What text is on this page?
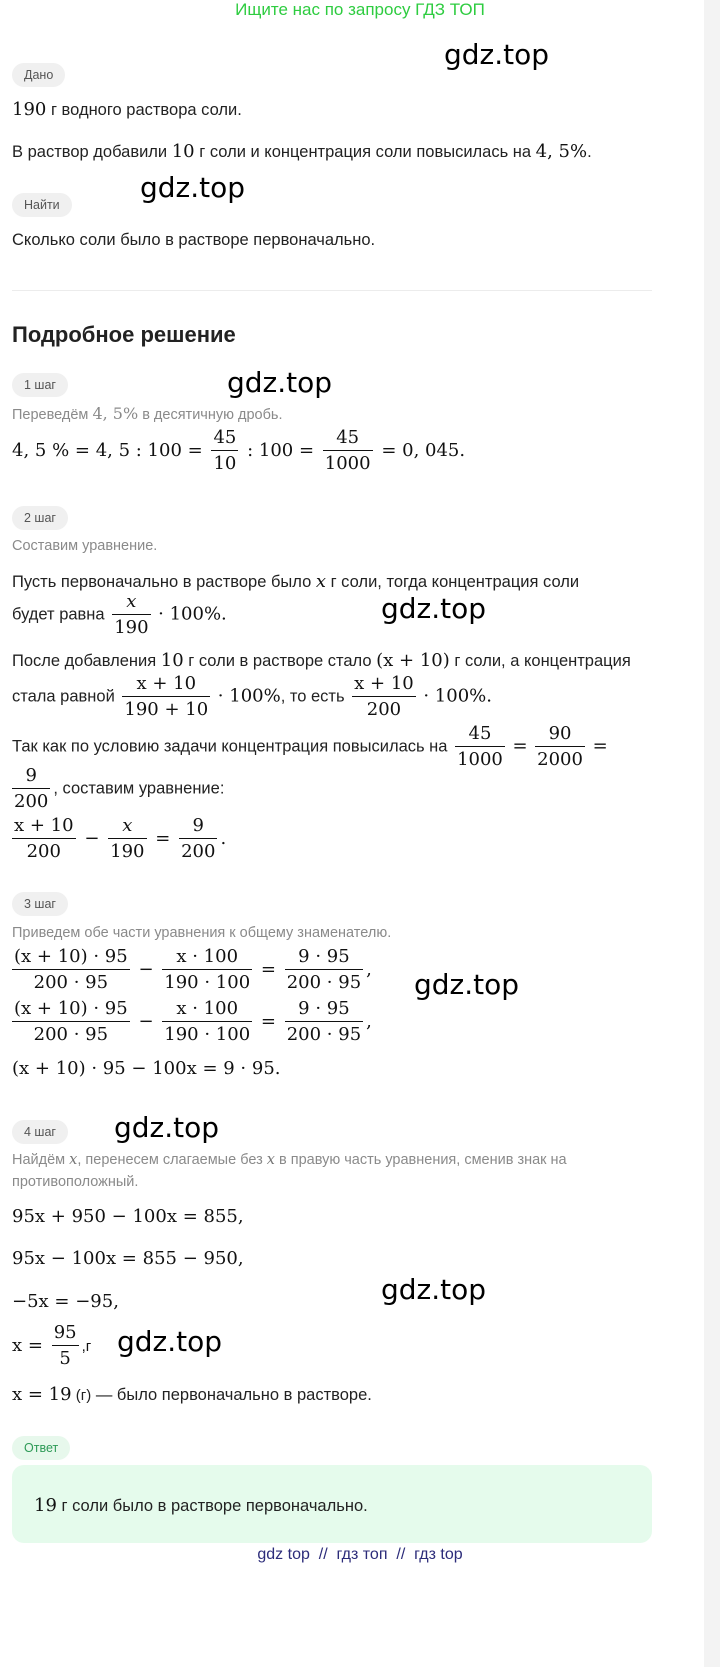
Ищите нас по запросу ГДЗ ТОП
gdz.top
gdz.top
gdz.top
gdz.top
gdz.top
gdz.top
gdz.top
gdz.top
Дано
190 г водного раствора соли.
В раствор добавили 10 г соли и концентрация соли повысилась на 4, 5%.
Найти
Сколько соли было в растворе первоначально.
Подробное решение
1 шаг
Переведём 4, 5% в десятичную дробь.
4, 5 % = 4, 5 : $100 = \frac{45}{10}$ : $100 = \frac{45}{1000} = 0$, 045.
2 шаг
Составим уравнение.
Пусть первоначально в растворе было x г соли, тогда концентрация соли
будет равна $\frac{x}{190} \cdot 100\%$.
После добавления 10 г соли в растворе стало (x + 10) г соли, а концентрация
стала равной $\frac{x + 10}{190 + 10} \cdot 100\%$, то есть $\frac{x + 10}{200} \cdot 100\%$.
Так как по условию задачи концентрация повысилась на $\frac{45}{1000} = \frac{90}{2000}$ =
$\frac{9}{200}$ , составим уравнение:
$\frac{x + 10}{200} - \frac{x}{190} = \frac{9}{200}$ .
3 шаг
Приведем обе части уравнения к общему знаменателю.
$\frac{(x + 10) \cdot 95}{200 \cdot 95} - \frac{x \cdot 100}{190 \cdot 100} = \frac{9 \cdot 95}{200 \cdot 95}$ ,
$\frac{(x + 10) \cdot 95}{200 \cdot 95} - \frac{x \cdot 100}{190 \cdot 100} = \frac{9 \cdot 95}{200 \cdot 95}$ ,
(x + 10) · 95 − 100x = 9 · 95.
4 шаг
Найдём x, перенесем слагаемые без x в правую часть уравнения, сменив знак на
противоположный.
95x + 950 − 100x = 855,
95x − 100x = 855 − 950,
−5x = −95,
$x = \frac{95}{5} ,г$
x = 19 (г) — было первоначально в растворе.
Ответ
19 г соли было в растворе первоначально.
gdz top  //  гдз топ  //  гдз top
